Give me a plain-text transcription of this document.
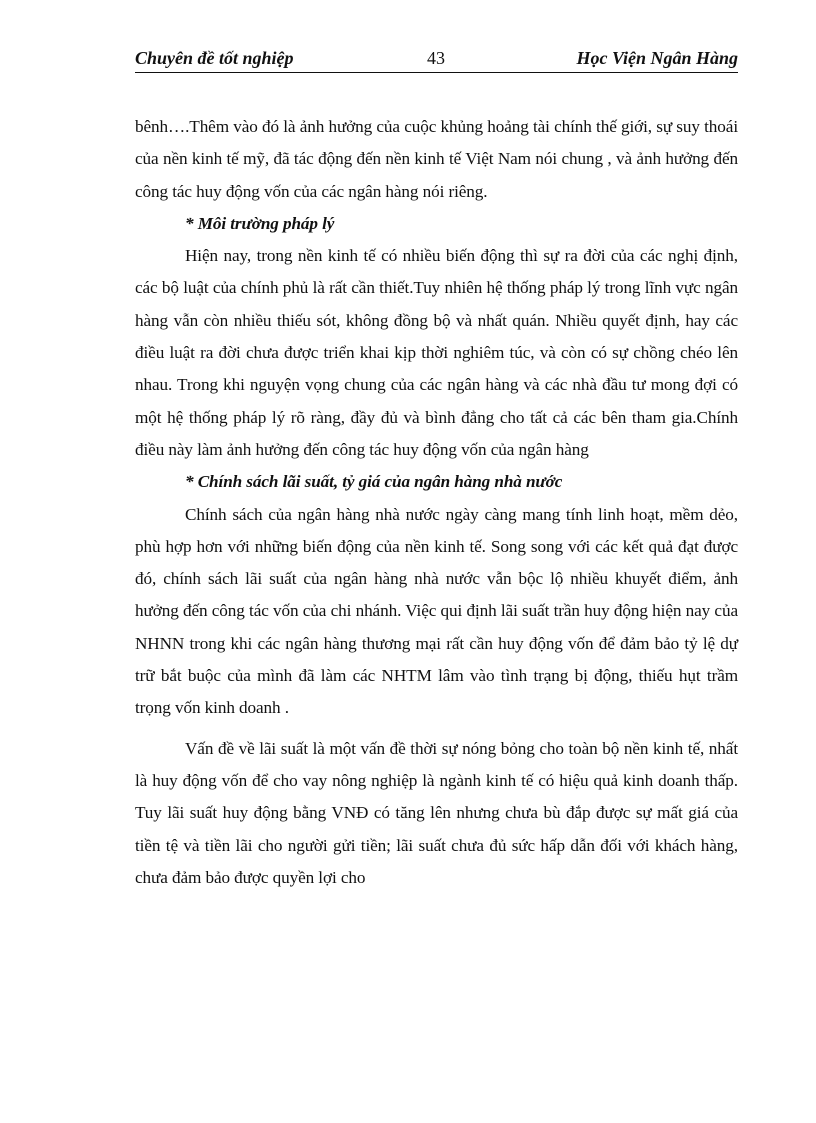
Chuyên đề tốt nghiệp	43	Học Viện Ngân Hàng

bênh….Thêm vào đó là ảnh hưởng của cuộc khủng hoảng tài chính thế giới, sự suy thoái của nền kinh tế mỹ, đã tác động đến nền kinh tế Việt Nam nói chung , và ảnh hưởng đến công tác huy động vốn của các ngân hàng nói riêng.

* Môi trường pháp lý

Hiện nay, trong nền kinh tế có nhiều biến động thì sự ra đời của các nghị định, các bộ luật của chính phủ là rất cần thiết.Tuy nhiên hệ thống pháp lý trong lĩnh vực ngân hàng vẫn còn nhiều thiếu sót, không đồng bộ và nhất quán. Nhiều quyết định, hay các điều luật ra đời chưa được triển khai kịp thời nghiêm túc, và còn có sự chồng chéo lên nhau. Trong khi nguyện vọng chung của các ngân hàng và các nhà đầu tư mong đợi có một hệ thống pháp lý rõ ràng, đầy đủ và bình đẳng cho tất cả các bên tham gia.Chính điều này làm ảnh hưởng đến công tác huy động vốn của ngân hàng

* Chính sách lãi suất, tỷ giá của ngân hàng nhà nước

Chính sách của ngân hàng nhà nước ngày càng mang tính linh hoạt, mềm dẻo, phù hợp hơn với những biến động của nền kinh tế. Song song với các kết quả đạt được đó, chính sách lãi suất của ngân hàng nhà nước vẫn bộc lộ nhiều khuyết điểm, ảnh hưởng đến công tác vốn của chi nhánh. Việc qui định lãi suất trần huy động hiện nay của NHNN trong khi các ngân hàng thương mại rất cần huy động vốn để đảm bảo tỷ lệ dự trữ bắt buộc của mình đã làm các NHTM lâm vào tình trạng bị động, thiếu hụt trầm trọng vốn kinh doanh .

Vấn đề về lãi suất là một vấn đề thời sự nóng bỏng cho toàn bộ nền kinh tế, nhất là huy động vốn để cho vay nông nghiệp là ngành kinh tế có hiệu quả kinh doanh thấp. Tuy lãi suất huy động bằng VNĐ có tăng lên nhưng chưa bù đắp được sự mất giá của tiền tệ và tiền lãi cho người gửi tiền; lãi suất chưa đủ sức hấp dẫn đối với khách hàng, chưa đảm bảo được quyền lợi cho
